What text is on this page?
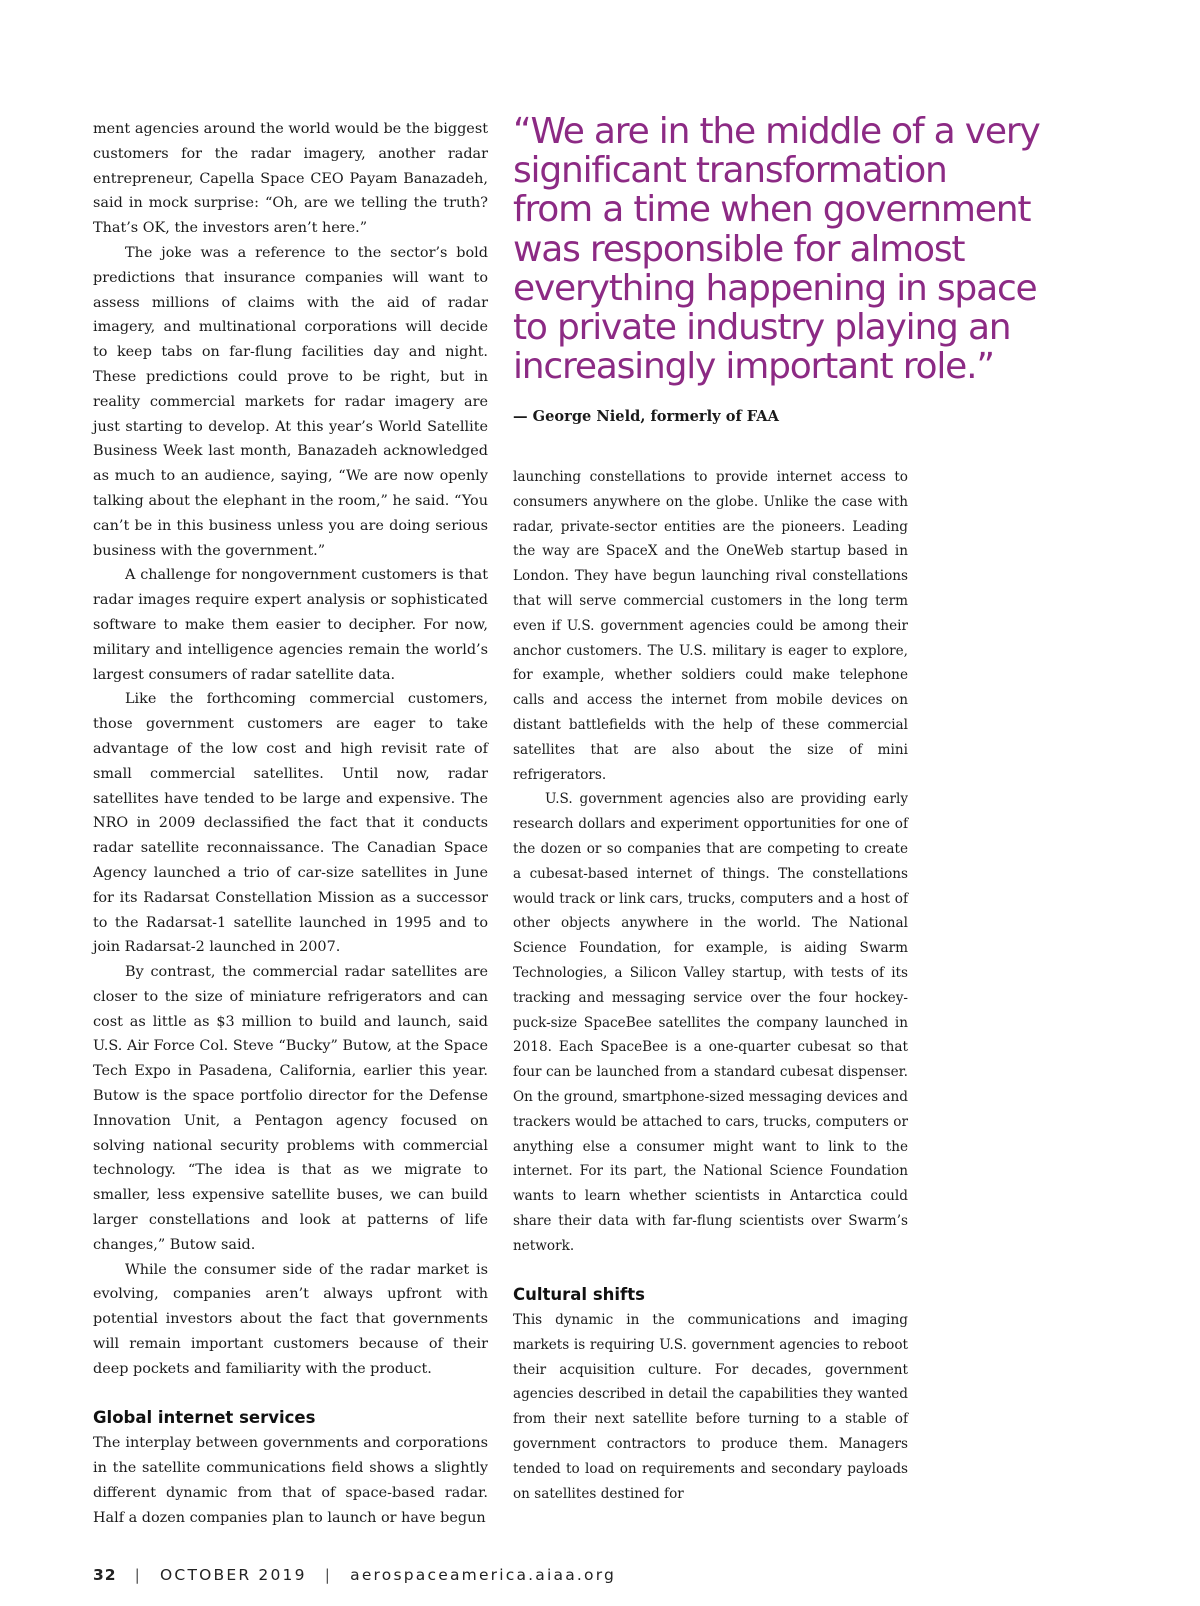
ment agencies around the world would be the biggest customers for the radar imagery, another radar entrepreneur, Capella Space CEO Payam Banazadeh, said in mock surprise: “Oh, are we telling the truth? That’s OK, the investors aren’t here.”

The joke was a reference to the sector’s bold predictions that insurance companies will want to assess millions of claims with the aid of radar imagery, and multinational corporations will decide to keep tabs on far-flung facilities day and night. These predictions could prove to be right, but in reality commercial markets for radar imagery are just starting to develop. At this year’s World Satellite Business Week last month, Banazadeh acknowledged as much to an audience, saying, “We are now openly talking about the elephant in the room,” he said. “You can’t be in this business unless you are doing serious business with the government.”

A challenge for nongovernment customers is that radar images require expert analysis or sophisticated software to make them easier to decipher. For now, military and intelligence agencies remain the world’s largest consumers of radar satellite data.

Like the forthcoming commercial customers, those government customers are eager to take advantage of the low cost and high revisit rate of small commercial satellites. Until now, radar satellites have tended to be large and expensive. The NRO in 2009 declassified the fact that it conducts radar satellite reconnaissance. The Canadian Space Agency launched a trio of car-size satellites in June for its Radarsat Constellation Mission as a successor to the Radarsat-1 satellite launched in 1995 and to join Radarsat-2 launched in 2007.

By contrast, the commercial radar satellites are closer to the size of miniature refrigerators and can cost as little as $3 million to build and launch, said U.S. Air Force Col. Steve “Bucky” Butow, at the Space Tech Expo in Pasadena, California, earlier this year. Butow is the space portfolio director for the Defense Innovation Unit, a Pentagon agency focused on solving national security problems with commercial technology. “The idea is that as we migrate to smaller, less expensive satellite buses, we can build larger constellations and look at patterns of life changes,” Butow said.

While the consumer side of the radar market is evolving, companies aren’t always upfront with potential investors about the fact that governments will remain important customers because of their deep pockets and familiarity with the product.

Global internet services

The interplay between governments and corporations in the satellite communications field shows a slightly different dynamic from that of space-based radar. Half a dozen companies plan to launch or have begun

“We are in the middle of a very
significant transformation
from a time when government
was responsible for almost
everything happening in space
to private industry playing an
increasingly important role.”
— George Nield, formerly of FAA

launching constellations to provide internet access to consumers anywhere on the globe. Unlike the case with radar, private-sector entities are the pioneers. Leading the way are SpaceX and the OneWeb startup based in London. They have begun launching rival constellations that will serve commercial customers in the long term even if U.S. government agencies could be among their anchor customers. The U.S. military is eager to explore, for example, whether soldiers could make telephone calls and access the internet from mobile devices on distant battlefields with the help of these commercial satellites that are also about the size of mini refrigerators.

U.S. government agencies also are providing early research dollars and experiment opportunities for one of the dozen or so companies that are competing to create a cubesat-based internet of things. The constellations would track or link cars, trucks, computers and a host of other objects anywhere in the world. The National Science Foundation, for example, is aiding Swarm Technologies, a Silicon Valley startup, with tests of its tracking and messaging service over the four hockey-puck-size SpaceBee satellites the company launched in 2018. Each SpaceBee is a one-quarter cubesat so that four can be launched from a standard cubesat dispenser. On the ground, smartphone-sized messaging devices and trackers would be attached to cars, trucks, computers or anything else a consumer might want to link to the internet. For its part, the National Science Foundation wants to learn whether scientists in Antarctica could share their data with far-flung scientists over Swarm’s network.

Cultural shifts

This dynamic in the communications and imaging markets is requiring U.S. government agencies to reboot their acquisition culture. For decades, government agencies described in detail the capabilities they wanted from their next satellite before turning to a stable of government contractors to produce them. Managers tended to load on requirements and secondary payloads on satellites destined for

32 | OCTOBER 2019 | aerospaceamerica.aiaa.org
